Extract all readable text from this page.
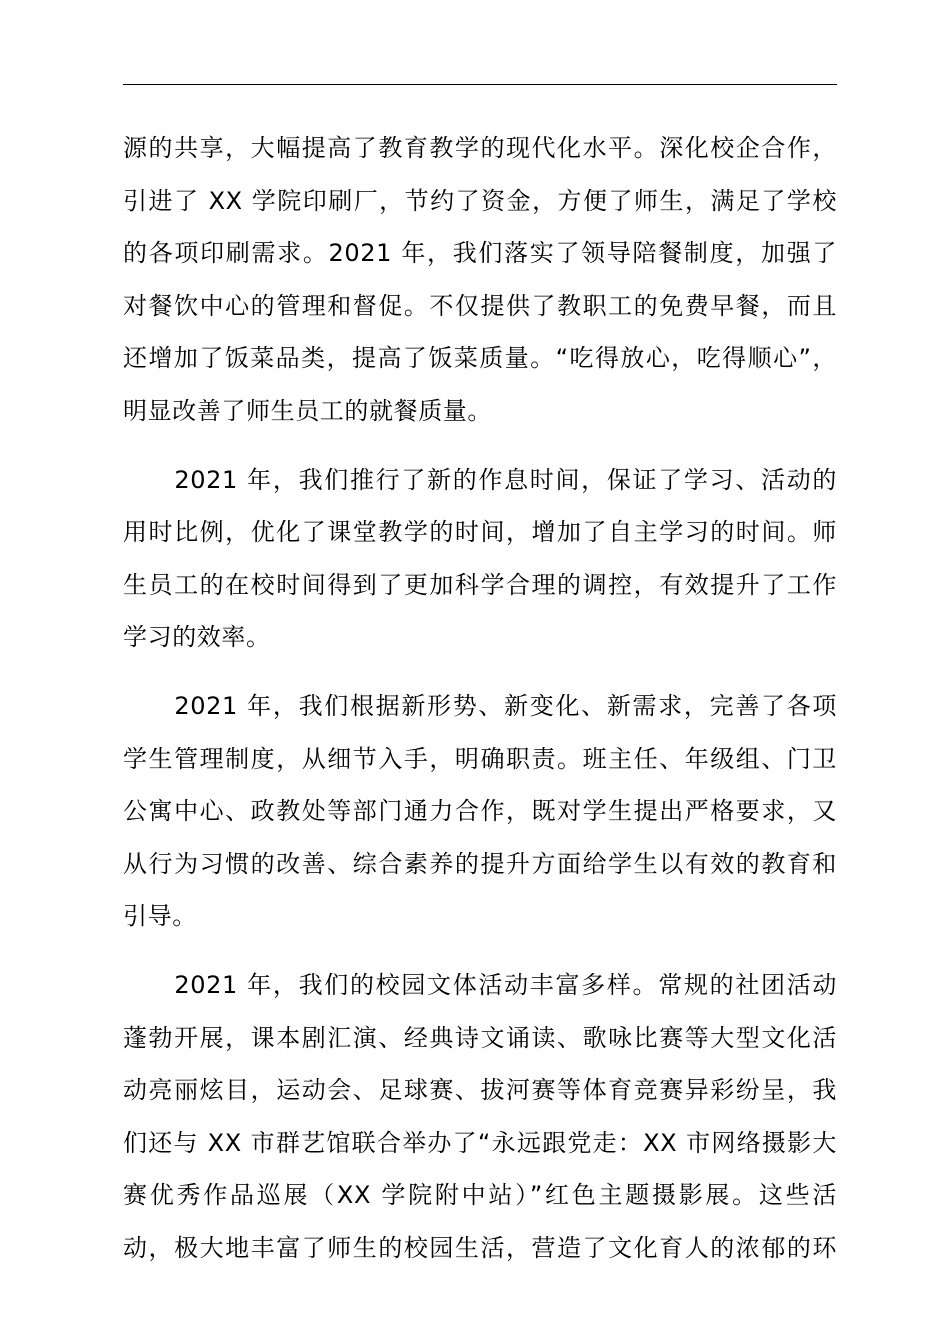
源的共享，大幅提高了教育教学的现代化水平。深化校企合作，
引进了 XX 学院印刷厂，节约了资金，方便了师生，满足了学校
的各项印刷需求。2021 年，我们落实了领导陪餐制度，加强了
对餐饮中心的管理和督促。不仅提供了教职工的免费早餐，而且
还增加了饭菜品类，提高了饭菜质量。“吃得放心，吃得顺心”，
明显改善了师生员工的就餐质量。
　　2021 年，我们推行了新的作息时间，保证了学习、活动的
用时比例，优化了课堂教学的时间，增加了自主学习的时间。师
生员工的在校时间得到了更加科学合理的调控，有效提升了工作
学习的效率。
　　2021 年，我们根据新形势、新变化、新需求，完善了各项
学生管理制度，从细节入手，明确职责。班主任、年级组、门卫
公寓中心、政教处等部门通力合作，既对学生提出严格要求，又
从行为习惯的改善、综合素养的提升方面给学生以有效的教育和
引导。
　　2021 年，我们的校园文体活动丰富多样。常规的社团活动
蓬勃开展，课本剧汇演、经典诗文诵读、歌咏比赛等大型文化活
动亮丽炫目，运动会、足球赛、拔河赛等体育竞赛异彩纷呈，我
们还与 XX 市群艺馆联合举办了“永远跟党走：XX 市网络摄影大
赛优秀作品巡展（XX 学院附中站）”红色主题摄影展。这些活
动，极大地丰富了师生的校园生活，营造了文化育人的浓郁的环
